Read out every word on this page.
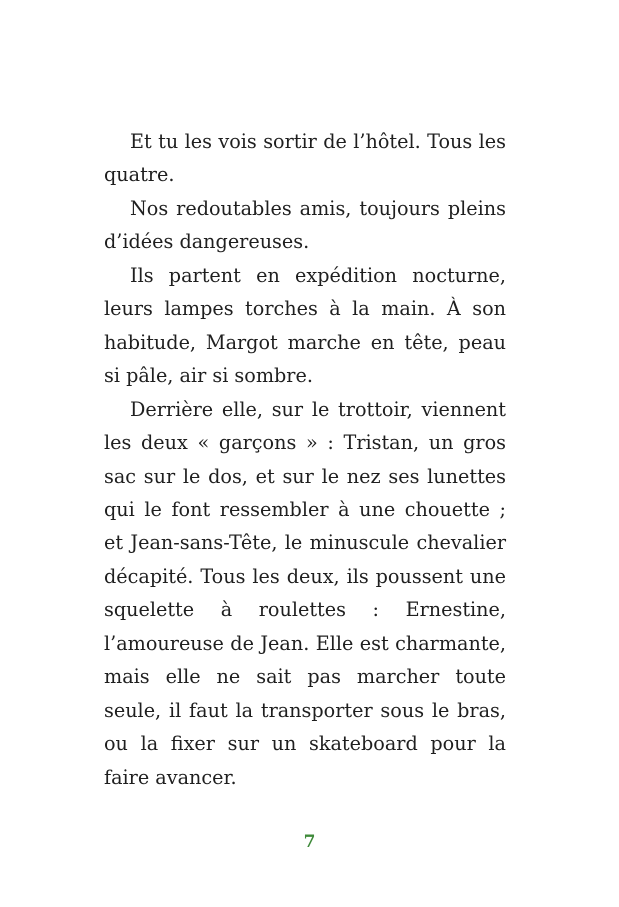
Et tu les vois sortir de l’hôtel. Tous les quatre.

Nos redoutables amis, toujours pleins d’idées dangereuses.

Ils partent en expédition nocturne, leurs lampes torches à la main. À son habitude, Margot marche en tête, peau si pâle, air si sombre.

Derrière elle, sur le trottoir, viennent les deux « garçons » : Tristan, un gros sac sur le dos, et sur le nez ses lunettes qui le font ressembler à une chouette ; et Jean-sans-Tête, le minuscule chevalier décapité. Tous les deux, ils poussent une squelette à roulettes : Ernestine, l’amoureuse de Jean. Elle est charmante, mais elle ne sait pas marcher toute seule, il faut la transporter sous le bras, ou la fixer sur un skateboard pour la faire avancer.

7
